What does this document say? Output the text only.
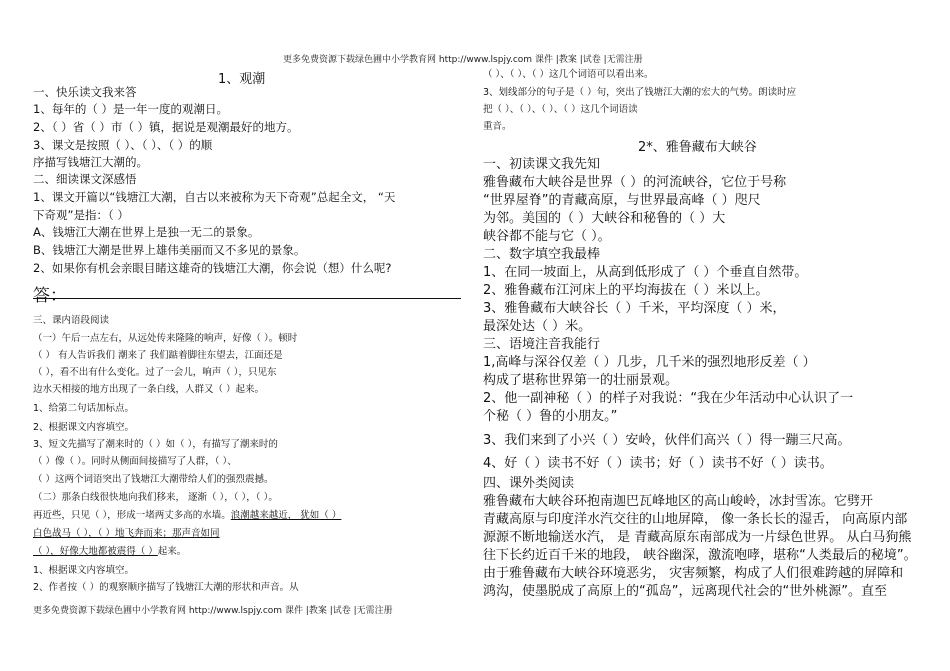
更多免费资源下载绿色圃中小学教育网 http://www.lspjy.com 课件 |教案 |试卷 |无需注册
1、观潮
一、快乐读文我来答
1、每年的（ ）是一年一度的观潮日。
2、（ ）省（ ）市（ ）镇，据说是观潮最好的地方。
3、课文是按照（ ）、（ ）、（ ）的顺
序描写钱塘江大潮的。
二、细读课文深感悟
1、课文开篇以“钱塘江大潮，自古以来被称为天下奇观”总起全文， “天
下奇观”是指：（ ）
A、钱塘江大潮在世界上是独一无二的景象。
B、钱塘江大潮是世界上雄伟美丽而又不多见的景象。
2、如果你有机会亲眼目睹这雄奇的钱塘江大潮，你会说（想）什么呢?
答：
三、课内语段阅读
（一）午后一点左右，从远处传来隆隆的响声，好像（ ）。顿时
（ ） 有人告诉我们 潮来了 我们踮着脚往东望去，江面还是
（ ），看不出有什么变化。过了一会儿，响声（ ），只见东
边水天相接的地方出现了一条白线，人群又（ ）起来。
1、给第二句话加标点。
2、根据课文内容填空。
3、短文先描写了潮来时的（ ）如（ ），有描写了潮来时的
（ ）像（ ）。同时从侧面间接描写了人群，（ ）、
（ ）这两个词语突出了钱塘江大潮带给人们的强烈震撼。
（二）那条白线很快地向我们移来， 逐渐（ ），（ ），（ ）。
再近些，只见（ ），形成一堵两丈多高的水墙。浪潮越来越近， 犹如（ ）
白色战马（ ），（ ）地飞奔而来；那声音如同
（ ），好像大地都被震得（ ）起来。
1、根据课文内容填空。
2、作者按（ ）的观察顺序描写了钱塘江大潮的形状和声音。从
（ ）、（ ）、（ ）这几个词语可以看出来。
3、划线部分的句子是（ ）句，突出了钱塘江大潮的宏大的气势。朗读时应
把（ ）、（ ）、（ ）、（ ）这几个词语读
重音。
2*、雅鲁藏布大峡谷
一、初读课文我先知
雅鲁藏布大峡谷是世界（ ）的河流峡谷，它位于号称
“世界屋脊”的青藏高原，与世界最高峰（ ）咫尺
为邻。美国的（ ）大峡谷和秘鲁的（ ）大
峡谷都不能与它（ ）。
二、数字填空我最棒
1、在同一坡面上，从高到低形成了（ ）个垂直自然带。
2、雅鲁藏布江河床上的平均海拔在（ ）米以上。
3、雅鲁藏布大峡谷长（ ）千米，平均深度（ ）米，
最深处达（ ）米。
三、语境注音我能行
1,高峰与深谷仅差（ ）几步，几千米的强烈地形反差（ ）
构成了堪称世界第一的壮丽景观。
2、他一副神秘（ ）的样子对我说：“我在少年活动中心认识了一
个秘（ ）鲁的小朋友。”
3、我们来到了小兴（ ）安岭，伙伴们高兴（ ）得一蹦三尺高。
4、好（ ）读书不好（ ）读书；好（ ）读书不好（ ）读书。
四、课外类阅读
雅鲁藏布大峡谷环抱南迦巴瓦峰地区的高山峻岭，冰封雪冻。它劈开
青藏高原与印度洋水汽交往的山地屏障， 像一条长长的湿舌， 向高原内部
源源不断地输送水汽， 是 青藏高原东南部成为一片绿色世界。 从白马狗熊
往下长约近百千米的地段， 峡谷幽深，激流咆哮，堪称“人类最后的秘境”。
由于雅鲁藏布大峡谷环境恶劣， 灾害频繁，构成了人们很难跨越的屏障和
鸿沟，使墨脱成了高原上的“孤岛”，远离现代社会的“世外桃源”。直至
更多免费资源下载绿色圃中小学教育网 http://www.lspjy.com 课件 |教案 |试卷 |无需注册
